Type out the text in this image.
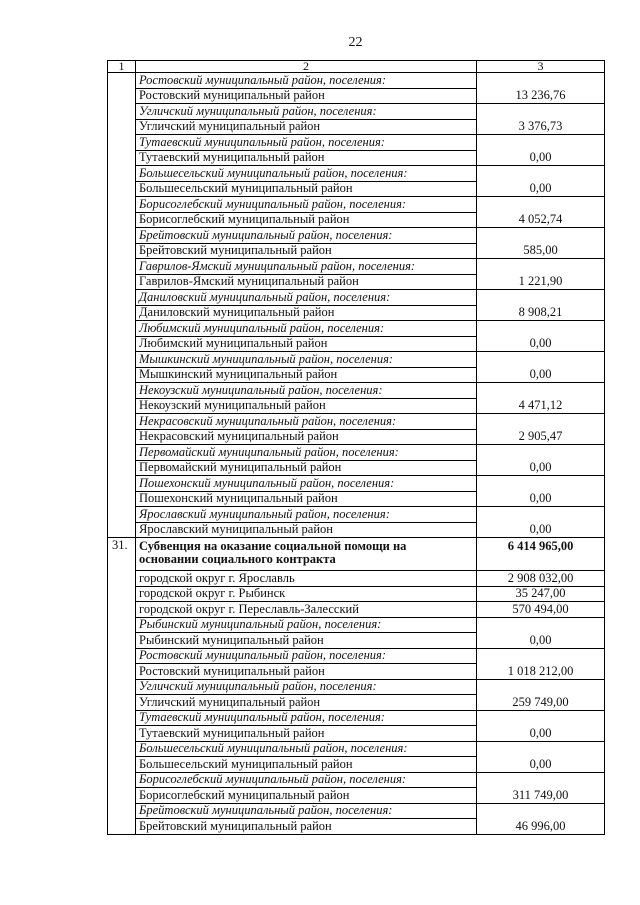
22
1	2	3
	Ростовский муниципальный район, поселения:	13 236,76
	Ростовский муниципальный район	
	Угличский муниципальный район, поселения:	3 376,73
	Угличский муниципальный район	
	Тутаевский муниципальный район, поселения:	0,00
	Тутаевский муниципальный район	
	Большесельский муниципальный район, поселения:	0,00
	Большесельский муниципальный район	
	Борисоглебский муниципальный район, поселения:	4 052,74
	Борисоглебский муниципальный район	
	Брейтовский муниципальный район, поселения:	585,00
	Брейтовский муниципальный район	
	Гаврилов-Ямский муниципальный район, поселения:	1 221,90
	Гаврилов-Ямский муниципальный район	
	Даниловский муниципальный район, поселения:	8 908,21
	Даниловский муниципальный район	
	Любимский муниципальный район, поселения:	0,00
	Любимский муниципальный район	
	Мышкинский муниципальный район, поселения:	0,00
	Мышкинский муниципальный район	
	Некоузский муниципальный район, поселения:	4 471,12
	Некоузский муниципальный район	
	Некрасовский муниципальный район, поселения:	2 905,47
	Некрасовский муниципальный район	
	Первомайский муниципальный район, поселения:	0,00
	Первомайский муниципальный район	
	Пошехонский муниципальный район, поселения:	0,00
	Пошехонский муниципальный район	
	Ярославский муниципальный район, поселения:	0,00
	Ярославский муниципальный район	
31.	Субвенция на оказание социальной помощи на основании социального контракта	6 414 965,00
	городской округ г. Ярославль	2 908 032,00
	городской округ г. Рыбинск	35 247,00
	городской округ г. Переславль-Залесский	570 494,00
	Рыбинский муниципальный район, поселения:	0,00
	Рыбинский муниципальный район	
	Ростовский муниципальный район, поселения:	1 018 212,00
	Ростовский муниципальный район	
	Угличский муниципальный район, поселения:	259 749,00
	Угличский муниципальный район	
	Тутаевский муниципальный район, поселения:	0,00
	Тутаевский муниципальный район	
	Большесельский муниципальный район, поселения:	0,00
	Большесельский муниципальный район	
	Борисоглебский муниципальный район, поселения:	311 749,00
	Борисоглебский муниципальный район	
	Брейтовский муниципальный район, поселения:	46 996,00
	Брейтовский муниципальный район	
